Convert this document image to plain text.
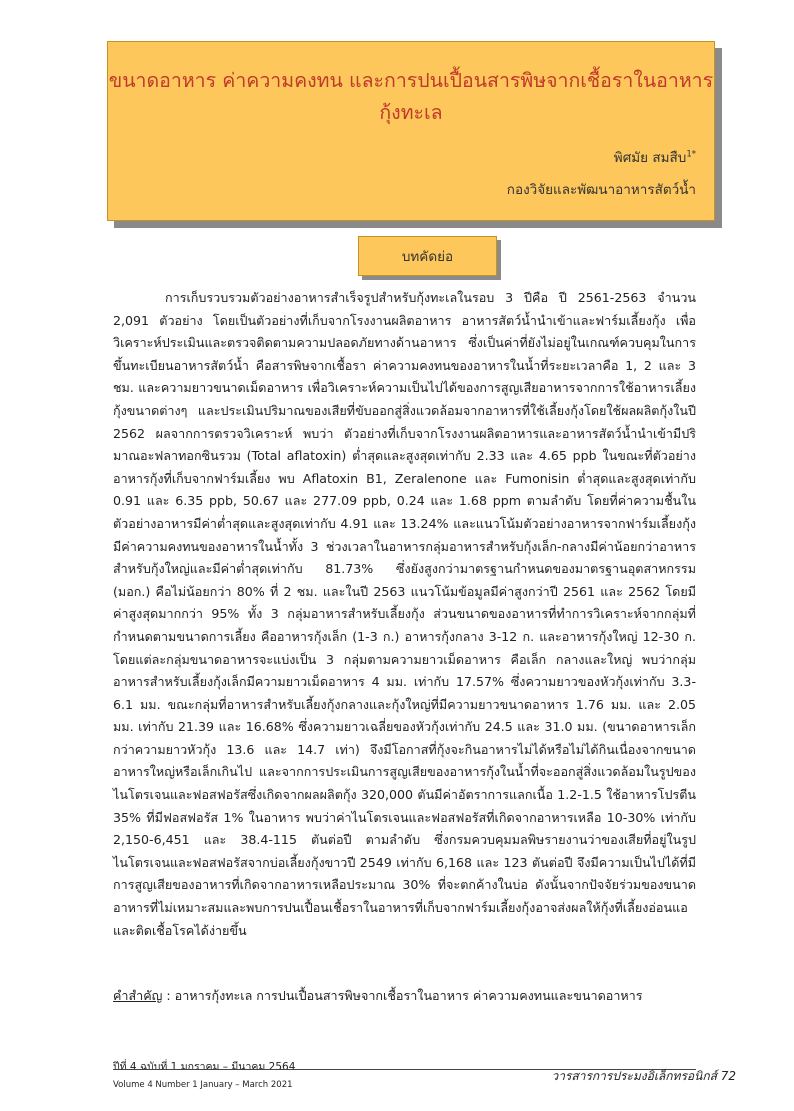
ขนาดอาหาร ค่าความคงทน และการปนเปื้อนสารพิษจากเชื้อราในอาหารกุ้งทะเล
พิศมัย สมสืบ$^{1*}$
กองวิจัยและพัฒนาอาหารสัตว์น้ำ
บทคัดย่อ

การเก็บรวบรวมตัวอย่างอาหารสำเร็จรูปสำหรับกุ้งทะเลในรอบ 3 ปีคือ ปี 2561-2563 จำนวน 2,091 ตัวอย่าง โดยเป็นตัวอย่างที่เก็บจากโรงงานผลิตอาหาร อาหารสัตว์น้ำนำเข้าและฟาร์มเลี้ยงกุ้ง เพื่อวิเคราะห์ประเมินและตรวจติดตามความปลอดภัยทางด้านอาหาร ซึ่งเป็นค่าที่ยังไม่อยู่ในเกณฑ์ควบคุมในการขึ้นทะเบียนอาหารสัตว์น้ำ คือสารพิษจากเชื้อรา ค่าความคงทนของอาหารในน้ำที่ระยะเวลาคือ 1, 2 และ 3 ชม. และความยาวขนาดเม็ดอาหาร เพื่อวิเคราะห์ความเป็นไปได้ของการสูญเสียอาหารจากการใช้อาหารเลี้ยงกุ้งขนาดต่างๆ และประเมินปริมาณของเสียที่ขับออกสู่สิ่งแวดล้อมจากอาหารที่ใช้เลี้ยงกุ้งโดยใช้ผลผลิตกุ้งในปี 2562 ผลจากการตรวจวิเคราะห์ พบว่า ตัวอย่างที่เก็บจากโรงงานผลิตอาหารและอาหารสัตว์น้ำนำเข้ามีปริมาณอะฟลาทอกซินรวม (Total aflatoxin) ต่ำสุดและสูงสุดเท่ากับ 2.33 และ 4.65 ppb ในขณะที่ตัวอย่างอาหารกุ้งที่เก็บจากฟาร์มเลี้ยง พบ Aflatoxin B1, Zeralenone และ Fumonisin ต่ำสุดและสูงสุดเท่ากับ 0.91 และ 6.35 ppb, 50.67 และ 277.09 ppb, 0.24 และ 1.68 ppm ตามลำดับ โดยที่ค่าความชื้นในตัวอย่างอาหารมีค่าต่ำสุดและสูงสุดเท่ากับ 4.91 และ 13.24% และแนวโน้มตัวอย่างอาหารจากฟาร์มเลี้ยงกุ้งมีค่าความคงทนของอาหารในน้ำทั้ง 3 ช่วงเวลาในอาหารกลุ่มอาหารสำหรับกุ้งเล็ก-กลางมีค่าน้อยกว่าอาหารสำหรับกุ้งใหญ่และมีค่าต่ำสุดเท่ากับ 81.73% ซึ่งยังสูงกว่ามาตรฐานกำหนดของมาตรฐานอุตสาหกรรม (มอก.) คือไม่น้อยกว่า 80% ที่ 2 ชม. และในปี 2563 แนวโน้มข้อมูลมีค่าสูงกว่าปี 2561 และ 2562 โดยมีค่าสูงสุดมากกว่า 95% ทั้ง 3 กลุ่มอาหารสำหรับเลี้ยงกุ้ง ส่วนขนาดของอาหารที่ทำการวิเคราะห์จากกลุ่มที่กำหนดตามขนาดการเลี้ยง คืออาหารกุ้งเล็ก (1-3 ก.) อาหารกุ้งกลาง 3-12 ก. และอาหารกุ้งใหญ่ 12-30 ก. โดยแต่ละกลุ่มขนาดอาหารจะแบ่งเป็น 3 กลุ่มตามความยาวเม็ดอาหาร คือเล็ก กลางและใหญ่ พบว่ากลุ่มอาหารสำหรับเลี้ยงกุ้งเล็กมีความยาวเม็ดอาหาร 4 มม. เท่ากับ 17.57% ซึ่งความยาวของหัวกุ้งเท่ากับ 3.3-6.1 มม. ขณะกลุ่มที่อาหารสำหรับเลี้ยงกุ้งกลางและกุ้งใหญ่ที่มีความยาวขนาดอาหาร 1.76 มม. และ 2.05 มม. เท่ากับ 21.39 และ 16.68% ซึ่งความยาวเฉลี่ยของหัวกุ้งเท่ากับ 24.5 และ 31.0 มม. (ขนาดอาหารเล็กกว่าความยาวหัวกุ้ง 13.6 และ 14.7 เท่า) จึงมีโอกาสที่กุ้งจะกินอาหารไม่ได้หรือไม่ได้กินเนื่องจากขนาดอาหารใหญ่หรือเล็กเกินไป และจากการประเมินการสูญเสียของอาหารกุ้งในน้ำที่จะออกสู่สิ่งแวดล้อมในรูปของไนโตรเจนและฟอสฟอรัสซึ่งเกิดจากผลผลิตกุ้ง 320,000 ตันมีค่าอัตราการแลกเนื้อ 1.2-1.5 ใช้อาหารโปรตีน 35% ที่มีฟอสฟอรัส 1% ในอาหาร พบว่าค่าไนโตรเจนและฟอสฟอรัสที่เกิดจากอาหารเหลือ 10-30% เท่ากับ 2,150-6,451 และ 38.4-115 ตันต่อปี ตามลำดับ ซึ่งกรมควบคุมมลพิษรายงานว่าของเสียที่อยู่ในรูปไนโตรเจนและฟอสฟอรัสจากบ่อเลี้ยงกุ้งขาวปี 2549 เท่ากับ 6,168 และ 123 ตันต่อปี จึงมีความเป็นไปได้ที่มีการสูญเสียของอาหารที่เกิดจากอาหารเหลือประมาณ 30% ที่จะตกค้างในบ่อ ดังนั้นจากปัจจัยร่วมของขนาดอาหารที่ไม่เหมาะสมและพบการปนเปื้อนเชื้อราในอาหารที่เก็บจากฟาร์มเลี้ยงกุ้งอาจส่งผลให้กุ้งที่เลี้ยงอ่อนแอและติดเชื้อโรคได้ง่ายขึ้น

คำสำคัญ : อาหารกุ้งทะเล การปนเปื้อนสารพิษจากเชื้อราในอาหาร ค่าความคงทนและขนาดอาหาร
ปีที่ 4 ฉบับที่ 1 มกราคม – มีนาคม 2564
วารสารการประมงอิเล็กทรอนิกส์ 72
Volume 4 Number 1 January – March 2021
